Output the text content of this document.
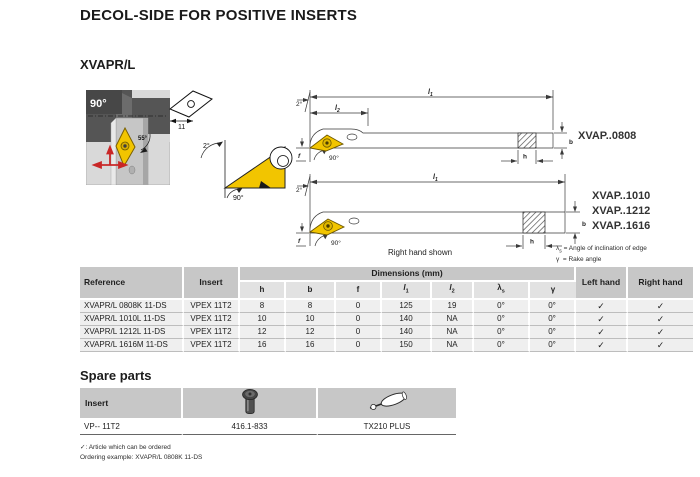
DECOL-SIDE FOR POSITIVE INSERTS
XVAPR/L
55°
90°
11
2°
90°
$l_1$
$l_2$
2°
f	90°	h
b
XVAP..0808
$l_1$
2°
f	90°	h
b
XVAP..1010
XVAP..1212
XVAP..1616
Right hand shown	$\lambda_s$ = Angle of inclination of edge
γ = Rake angle
Reference	Insert	Dimensions (mm)							Left hand	Right hand
		h	b	f	$l_1$	$l_2$	$\lambda_s$	γ		
XVAPR/L 0808K 11-DS	VPEX 11T2	8	8	0	125	19	0°	0°	✓	✓
XVAPR/L 1010L 11-DS	VPEX 11T2	10	10	0	140	NA	0°	0°	✓	✓
XVAPR/L 1212L 11-DS	VPEX 11T2	12	12	0	140	NA	0°	0°	✓	✓
XVAPR/L 1616M 11-DS	VPEX 11T2	16	16	0	150	NA	0°	0°	✓	✓
Spare parts
Insert		
VP-- 11T2	416.1-833	TX210 PLUS
✓: Article which can be ordered
Ordering example: XVAPR/L 0808K 11-DS
